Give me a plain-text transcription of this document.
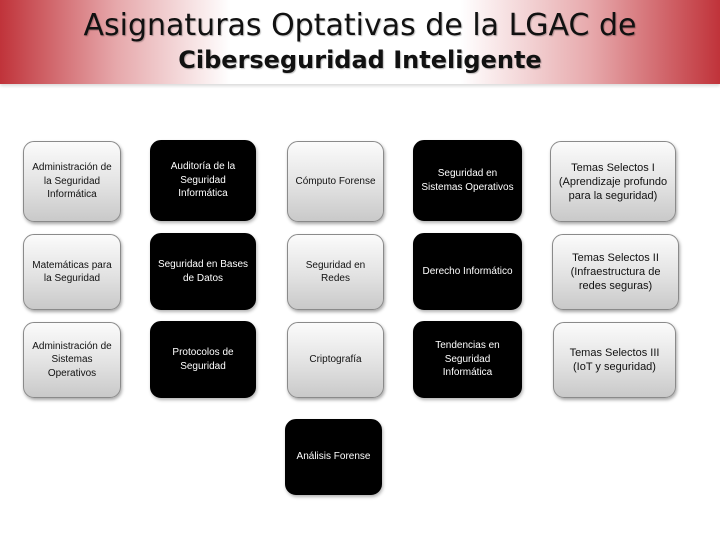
Asignaturas Optativas de la LGAC de
Ciberseguridad Inteligente
Administración de la Seguridad Informática
Auditoría de la Seguridad Informática
Cómputo Forense
Seguridad en Sistemas Operativos
Temas Selectos I (Aprendizaje profundo para la seguridad)
Matemáticas para la Seguridad
Seguridad en Bases de Datos
Seguridad en Redes
Derecho Informático
Temas Selectos II (Infraestructura de redes seguras)
Administración de Sistemas Operativos
Protocolos de Seguridad
Criptografía
Tendencias en Seguridad Informática
Temas Selectos III (IoT y seguridad)
Análisis Forense
